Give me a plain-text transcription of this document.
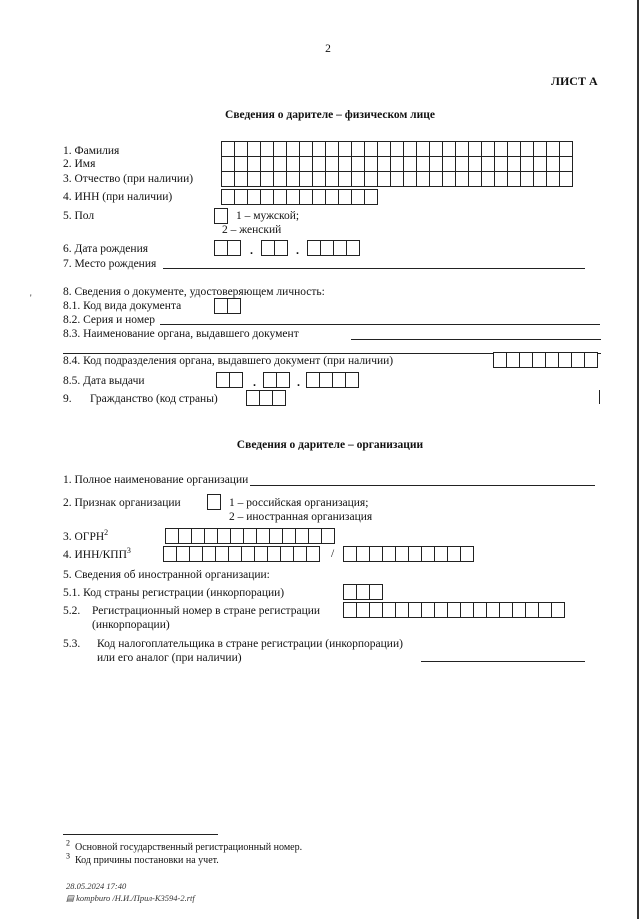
2
ЛИСТ А
Сведения о дарителе – физическом лице
1. Фамилия
2. Имя
3. Отчество (при наличии)
4. ИНН (при наличии)
5. Пол	1 – мужской;
2 – женский
6. Дата рождения
7. Место рождения
8. Сведения о документе, удостоверяющем личность:
8.1. Код вида документа
8.2. Серия и номер
8.3. Наименование органа, выдавшего документ
8.4. Код подразделения органа, выдавшего документ (при наличии)
8.5. Дата выдачи
9. Гражданство (код страны)
.	.
.	.
Сведения о дарителе – организации
1. Полное наименование организации
2. Признак организации	1 – российская организация;
2 – иностранная организация
3. ОГРН$^2$
4. ИНН/КПП$^3$	/
5. Сведения об иностранной организации:
5.1. Код страны регистрации (инкорпорации)
5.2. Регистрационный номер в стране регистрации
(инкорпорации)
5.3. Код налогоплательщика в стране регистрации (инкорпорации)
или его аналог (при наличии)
$^2$ Основной государственный регистрационный номер.
$^3$ Код причины постановки на учет.
28.05.2024 17:40
▤ kompburo /Н.И./Прил-К3594-2.rtf
'
